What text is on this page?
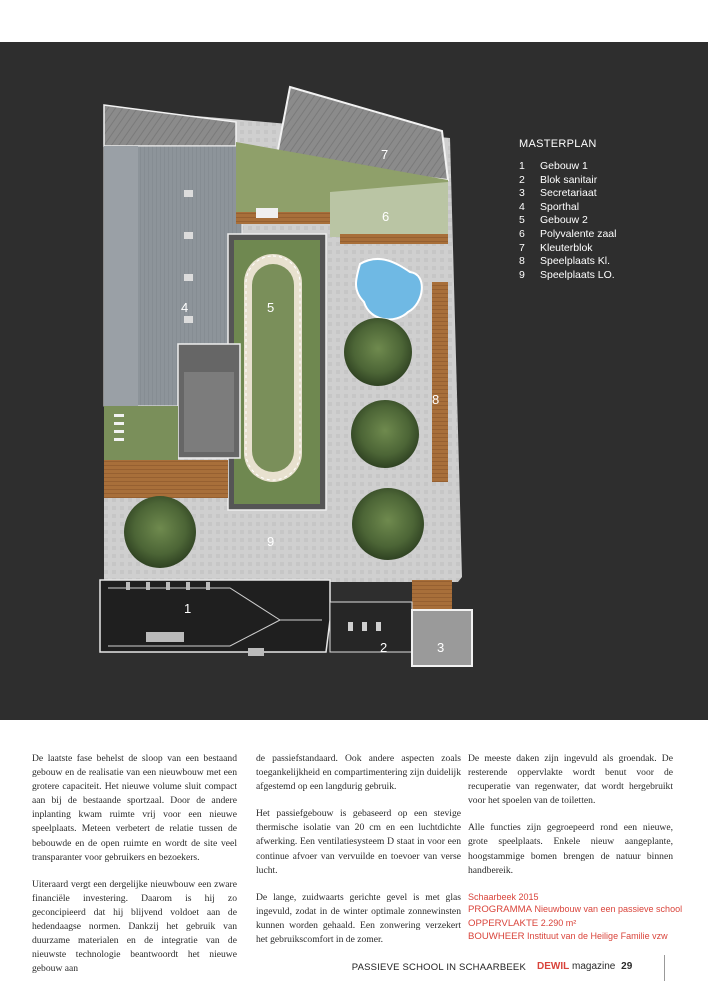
7
6
4	5
8
9
1
2	3
MASTERPLAN
1	Gebouw 1
2	Blok sanitair
3	Secretariaat
4	Sporthal
5	Gebouw 2
6	Polyvalente zaal
7	Kleuterblok
8	Speelplaats Kl.
9	Speelplaats LO.

De laatste fase behelst de sloop van een bestaand gebouw en de realisatie van een nieuwbouw met een grotere capaciteit. Het nieuwe volume sluit compact aan bij de bestaande sportzaal. Door de andere inplanting kwam ruimte vrij voor een nieuwe speelplaats. Meteen verbetert de relatie tussen de bebouwde en de open ruimte en wordt de site veel transparanter voor gebruikers en bezoekers.

Uiteraard vergt een dergelijke nieuwbouw een zware financiële investering. Daarom is hij zo geconcipieerd dat hij blijvend voldoet aan de hedendaagse normen. Dankzij het gebruik van duurzame materialen en de integratie van de nieuwste technologie beantwoordt het nieuwe gebouw aan

de passiefstandaard. Ook andere aspecten zoals toegankelijkheid en compartimentering zijn duidelijk afgestemd op een langdurig gebruik.

Het passiefgebouw is gebaseerd op een stevige thermische isolatie van 20 cm en een luchtdichte afwerking. Een ventilatiesysteem D staat in voor een continue afvoer van vervuilde en toevoer van verse lucht.

De lange, zuidwaarts gerichte gevel is met glas ingevuld, zodat in de winter optimale zonnewinsten kunnen worden gehaald. Een zonwering verzekert het gebruikscomfort in de zomer.

De meeste daken zijn ingevuld als groendak. De resterende oppervlakte wordt benut voor de recuperatie van regenwater, dat wordt hergebruikt voor het spoelen van de toiletten.

Alle functies zijn gegroepeerd rond een nieuwe, grote speelplaats. Enkele nieuw aangeplante, hoogstammige bomen brengen de natuur binnen handbereik.

Schaarbeek 2015
PROGRAMMA Nieuwbouw van een passieve school
OPPERVLAKTE 2.290 m²
BOUWHEER Instituut van de Heilige Familie vzw
PASSIEVE SCHOOL IN SCHAARBEEK DEWIL magazine 29
